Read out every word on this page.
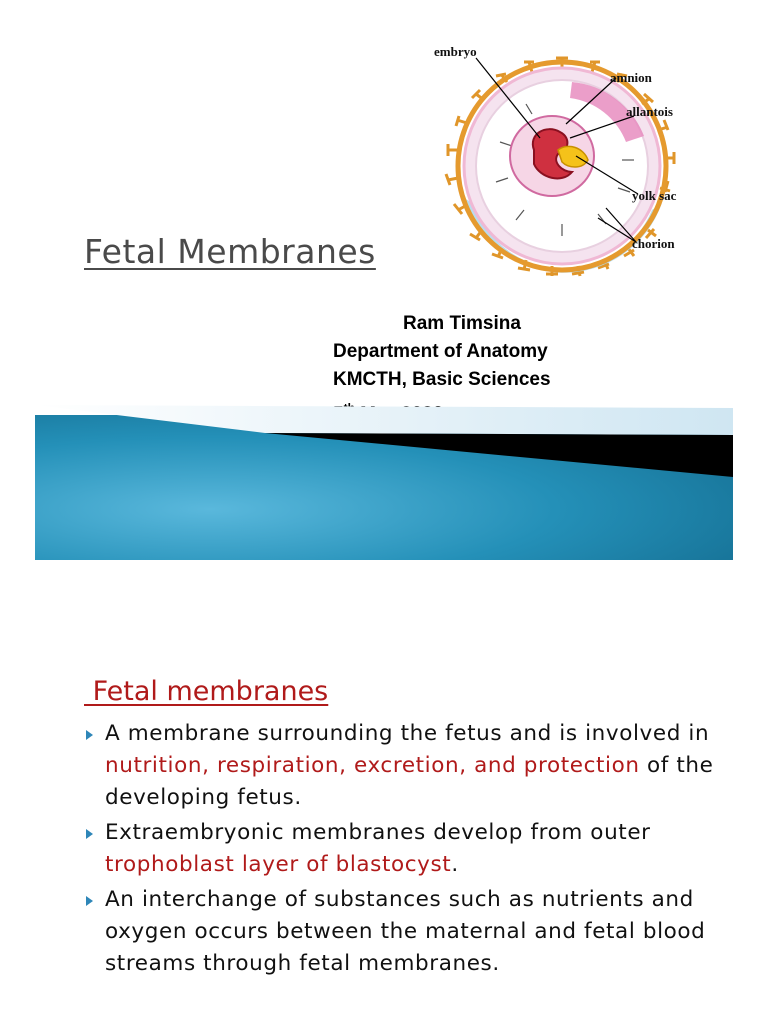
Fetal Membranes
embryo
amnion
allantois
yolk sac
chorion
Ram Timsina
Department of Anatomy
KMCTH, Basic Sciences
Fetal membranes
A membrane surrounding the fetus and is involved in nutrition, respiration, excretion, and protection of the developing fetus.
Extraembryonic membranes develop from outer trophoblast layer of blastocyst.
An interchange of substances such as nutrients and oxygen occurs between the maternal and fetal blood streams through fetal membranes.
